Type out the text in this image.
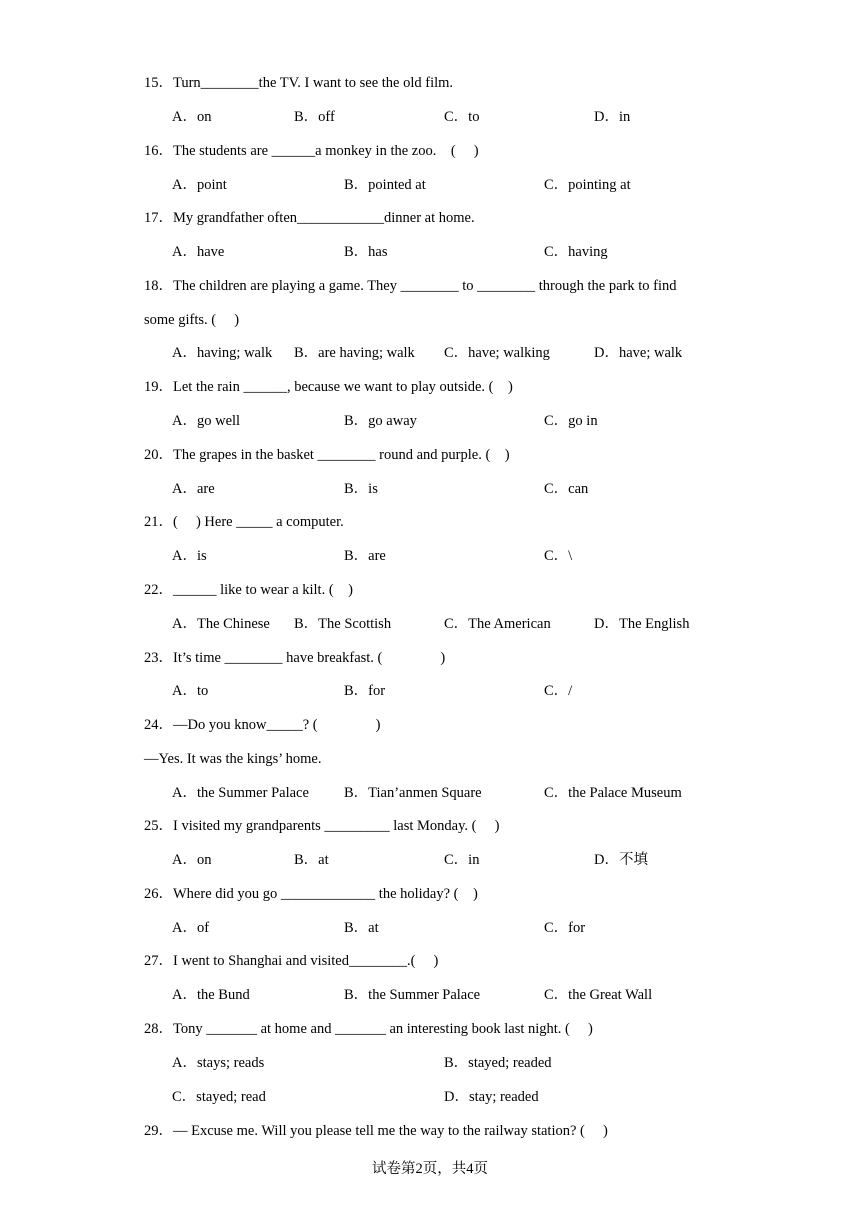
15．Turn________the TV. I want to see the old film.
A．on	B．off	C．to	D．in
16．The students are ______a monkey in the zoo.　(　 )
A．point	B．pointed at	C．pointing at
17．My grandfather often____________dinner at home.
A．have	B．has	C．having
18．The children are playing a game. They ________ to ________ through the park to find
some gifts. (　 )
A．having; walk B．are having; walk C．have; walking	D．have; walk
19．Let the rain ______, because we want to play outside. (　)
A．go well	B．go away	C．go in
20．The grapes in the basket ________ round and purple. (　)
A．are	B．is	C．can
21．(　 ) Here _____ a computer.
A．is	B．are	C．\
22．______ like to wear a kilt. (　)
A．The Chinese B．The Scottish	C．The American	D．The English
23．It’s time ________ have breakfast. (　　　　)
A．to	B．for	C．/
24．—Do you know_____? (　　　　)
—Yes. It was the kings’ home.
A．the Summer Palace B．Tian’anmen Square	C．the Palace Museum
25．I visited my grandparents _________ last Monday. (　 )
A．on	B．at	C．in	D．不填
26．Where did you go _____________ the holiday? (　)
A．of	B．at	C．for
27．I went to Shanghai and visited________.(　 )
A．the Bund	B．the Summer Palace	C．the Great Wall
28．Tony _______ at home and _______ an interesting book last night. (　 )
A．stays; reads	B．stayed; readed
C．stayed; read	D．stay; readed
29．— Excuse me. Will you please tell me the way to the railway station? (　 )
试卷第2页，共4页
